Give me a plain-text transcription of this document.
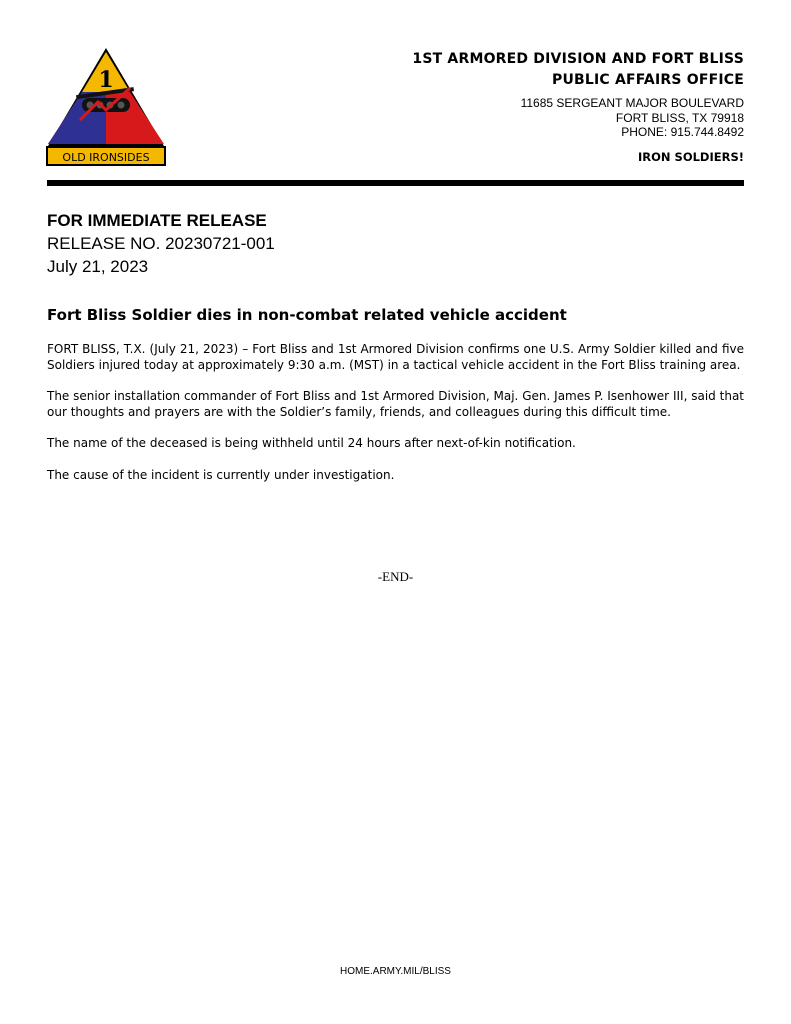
1
OLD IRONSIDES
1ST ARMORED DIVISION AND FORT BLISS
PUBLIC AFFAIRS OFFICE
11685 SERGEANT MAJOR BOULEVARD
FORT BLISS, TX 79918
PHONE: 915.744.8492
IRON SOLDIERS!
FOR IMMEDIATE RELEASE
RELEASE NO. 20230721-001
July 21, 2023
Fort Bliss Soldier dies in non-combat related vehicle accident

FORT BLISS, T.X. (July 21, 2023) – Fort Bliss and 1st Armored Division confirms one U.S. Army Soldier killed and five Soldiers injured today at approximately 9:30 a.m. (MST) in a tactical vehicle accident in the Fort Bliss training area.

The senior installation commander of Fort Bliss and 1st Armored Division, Maj. Gen. James P. Isenhower III, said that our thoughts and prayers are with the Soldier’s family, friends, and colleagues during this difficult time.

The name of the deceased is being withheld until 24 hours after next-of-kin notification.

The cause of the incident is currently under investigation.

-END-
HOME.ARMY.MIL/BLISS
